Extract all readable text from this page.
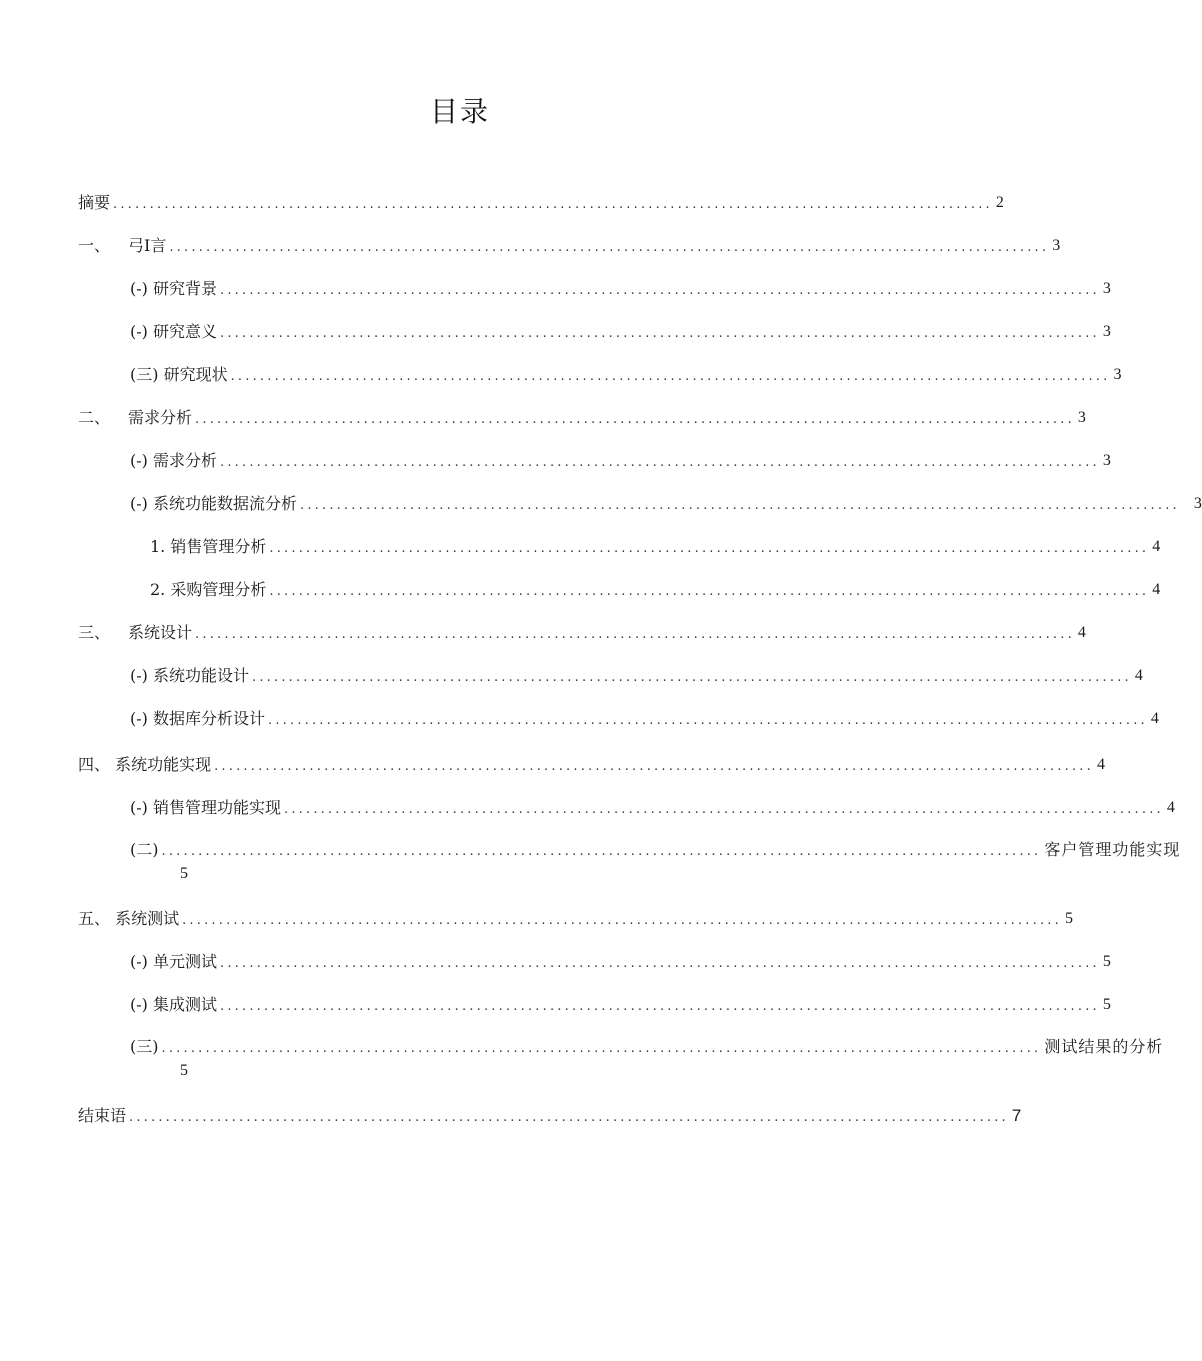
目录
摘要 ........................................................................................................................ 2
一、 弓I言 ........................................................................................................................ 3
(-) 研究背景 ........................................................................................................................ 3
(-) 研究意义 ........................................................................................................................ 3
(三) 研究现状 ........................................................................................................................ 3
二、 需求分析 ........................................................................................................................ 3
(-) 需求分析 ........................................................................................................................ 3
(-) 系统功能数据流分析 ........................................................................................................................ 3
1. 销售管理分析 ........................................................................................................................ 4
2. 采购管理分析 ........................................................................................................................ 4
三、 系统设计 ........................................................................................................................ 4
(-) 系统功能设计 ........................................................................................................................ 4
(-) 数据库分析设计 ........................................................................................................................ 4
四、 系统功能实现 ........................................................................................................................ 4
(-) 销售管理功能实现 ........................................................................................................................ 4
(二) ........................................................................................................................ 客户管理功能实现
5
五、 系统测试 ........................................................................................................................ 5
(-) 单元测试 ........................................................................................................................ 5
(-) 集成测试 ........................................................................................................................ 5
(三) ........................................................................................................................ 测试结果的分析
5
结束语 ........................................................................................................................ 7
